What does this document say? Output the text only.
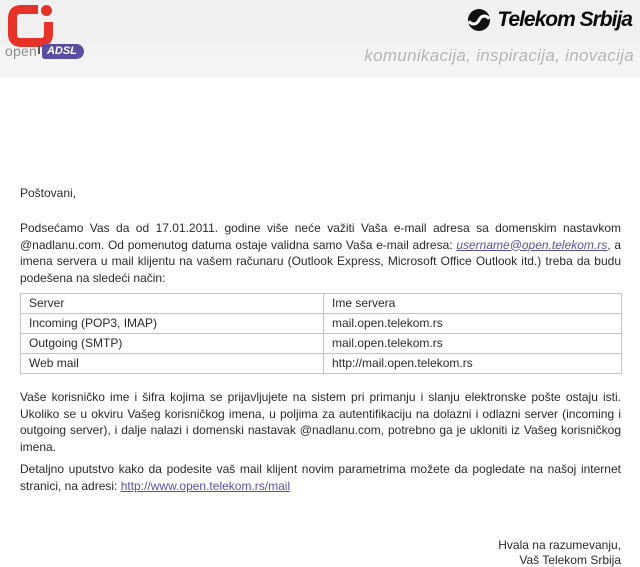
open ADSL
Telekom Srbija
komunikacija, inspiracija, inovacija
Poštovani,

Podsećamo Vas da od 17.01.2011. godine više neće važiti Vaša e-mail adresa sa domenskim nastavkom @nadlanu.com. Od pomenutog datuma ostaje validna samo Vaša e-mail adresa: username@open.telekom.rs, a imena servera u mail klijentu na vašem računaru (Outlook Express, Microsoft Office Outlook itd.) treba da budu podešena na sledeći način:

Server	Ime servera
Incoming (POP3, IMAP)	mail.open.telekom.rs
Outgoing (SMTP)	mail.open.telekom.rs
Web mail	http://mail.open.telekom.rs

Vaše korisničko ime i šifra kojima se prijavljujete na sistem pri primanju i slanju elektronske pošte ostaju isti. Ukoliko se u okviru Vašeg korisničkog imena, u poljima za autentifikaciju na dolazni i odlazni server (incoming i outgoing server), i dalje nalazi i domenski nastavak @nadlanu.com, potrebno ga je ukloniti iz Vašeg korisničkog imena.

Detaljno uputstvo kako da podesite vaš mail klijent novim parametrima možete da pogledate na našoj internet stranici, na adresi: http://www.open.telekom.rs/mail

Hvala na razumevanju,
Vaš Telekom Srbija
